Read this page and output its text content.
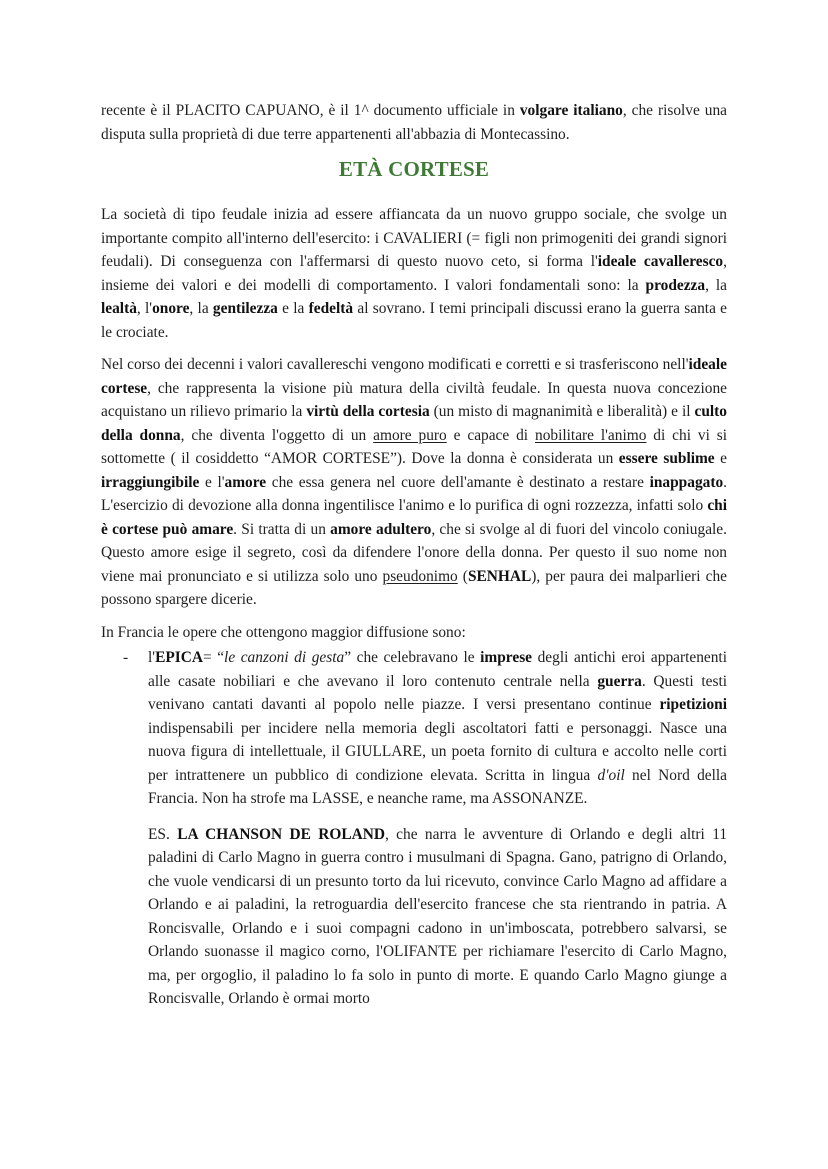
recente è il PLACITO CAPUANO, è il 1^ documento ufficiale in volgare italiano, che risolve una disputa sulla proprietà di due terre appartenenti all'abbazia di Montecassino.

ETÀ CORTESE

La società di tipo feudale inizia ad essere affiancata da un nuovo gruppo sociale, che svolge un importante compito all'interno dell'esercito: i CAVALIERI (= figli non primogeniti dei grandi signori feudali). Di conseguenza con l'affermarsi di questo nuovo ceto, si forma l'ideale cavalleresco, insieme dei valori e dei modelli di comportamento. I valori fondamentali sono: la prodezza, la lealtà, l'onore, la gentilezza e la fedeltà al sovrano. I temi principali discussi erano la guerra santa e le crociate.

Nel corso dei decenni i valori cavallereschi vengono modificati e corretti e si trasferiscono nell'ideale cortese, che rappresenta la visione più matura della civiltà feudale. In questa nuova concezione acquistano un rilievo primario la virtù della cortesia (un misto di magnanimità e liberalità) e il culto della donna, che diventa l'oggetto di un amore puro e capace di nobilitare l'animo di chi vi si sottomette ( il cosiddetto “AMOR CORTESE”). Dove la donna è considerata un essere sublime e irraggiungibile e l'amore che essa genera nel cuore dell'amante è destinato a restare inappagato. L'esercizio di devozione alla donna ingentilisce l'animo e lo purifica di ogni rozzezza, infatti solo chi è cortese può amare. Si tratta di un amore adultero, che si svolge al di fuori del vincolo coniugale. Questo amore esige il segreto, così da difendere l'onore della donna. Per questo il suo nome non viene mai pronunciato e si utilizza solo uno pseudonimo (SENHAL), per paura dei malparlieri che possono spargere dicerie.

In Francia le opere che ottengono maggior diffusione sono:

- l'EPICA= “le canzoni di gesta” che celebravano le imprese degli antichi eroi appartenenti alle casate nobiliari e che avevano il loro contenuto centrale nella guerra. Questi testi venivano cantati davanti al popolo nelle piazze. I versi presentano continue ripetizioni indispensabili per incidere nella memoria degli ascoltatori fatti e personaggi. Nasce una nuova figura di intellettuale, il GIULLARE, un poeta fornito di cultura e accolto nelle corti per intrattenere un pubblico di condizione elevata. Scritta in lingua d'oil nel Nord della Francia. Non ha strofe ma LASSE, e neanche rame, ma ASSONANZE.

ES. LA CHANSON DE ROLAND, che narra le avventure di Orlando e degli altri 11 paladini di Carlo Magno in guerra contro i musulmani di Spagna. Gano, patrigno di Orlando, che vuole vendicarsi di un presunto torto da lui ricevuto, convince Carlo Magno ad affidare a Orlando e ai paladini, la retroguardia dell'esercito francese che sta rientrando in patria. A Roncisvalle, Orlando e i suoi compagni cadono in un'imboscata, potrebbero salvarsi, se Orlando suonasse il magico corno, l'OLIFANTE per richiamare l'esercito di Carlo Magno, ma, per orgoglio, il paladino lo fa solo in punto di morte. E quando Carlo Magno giunge a Roncisvalle, Orlando è ormai morto
